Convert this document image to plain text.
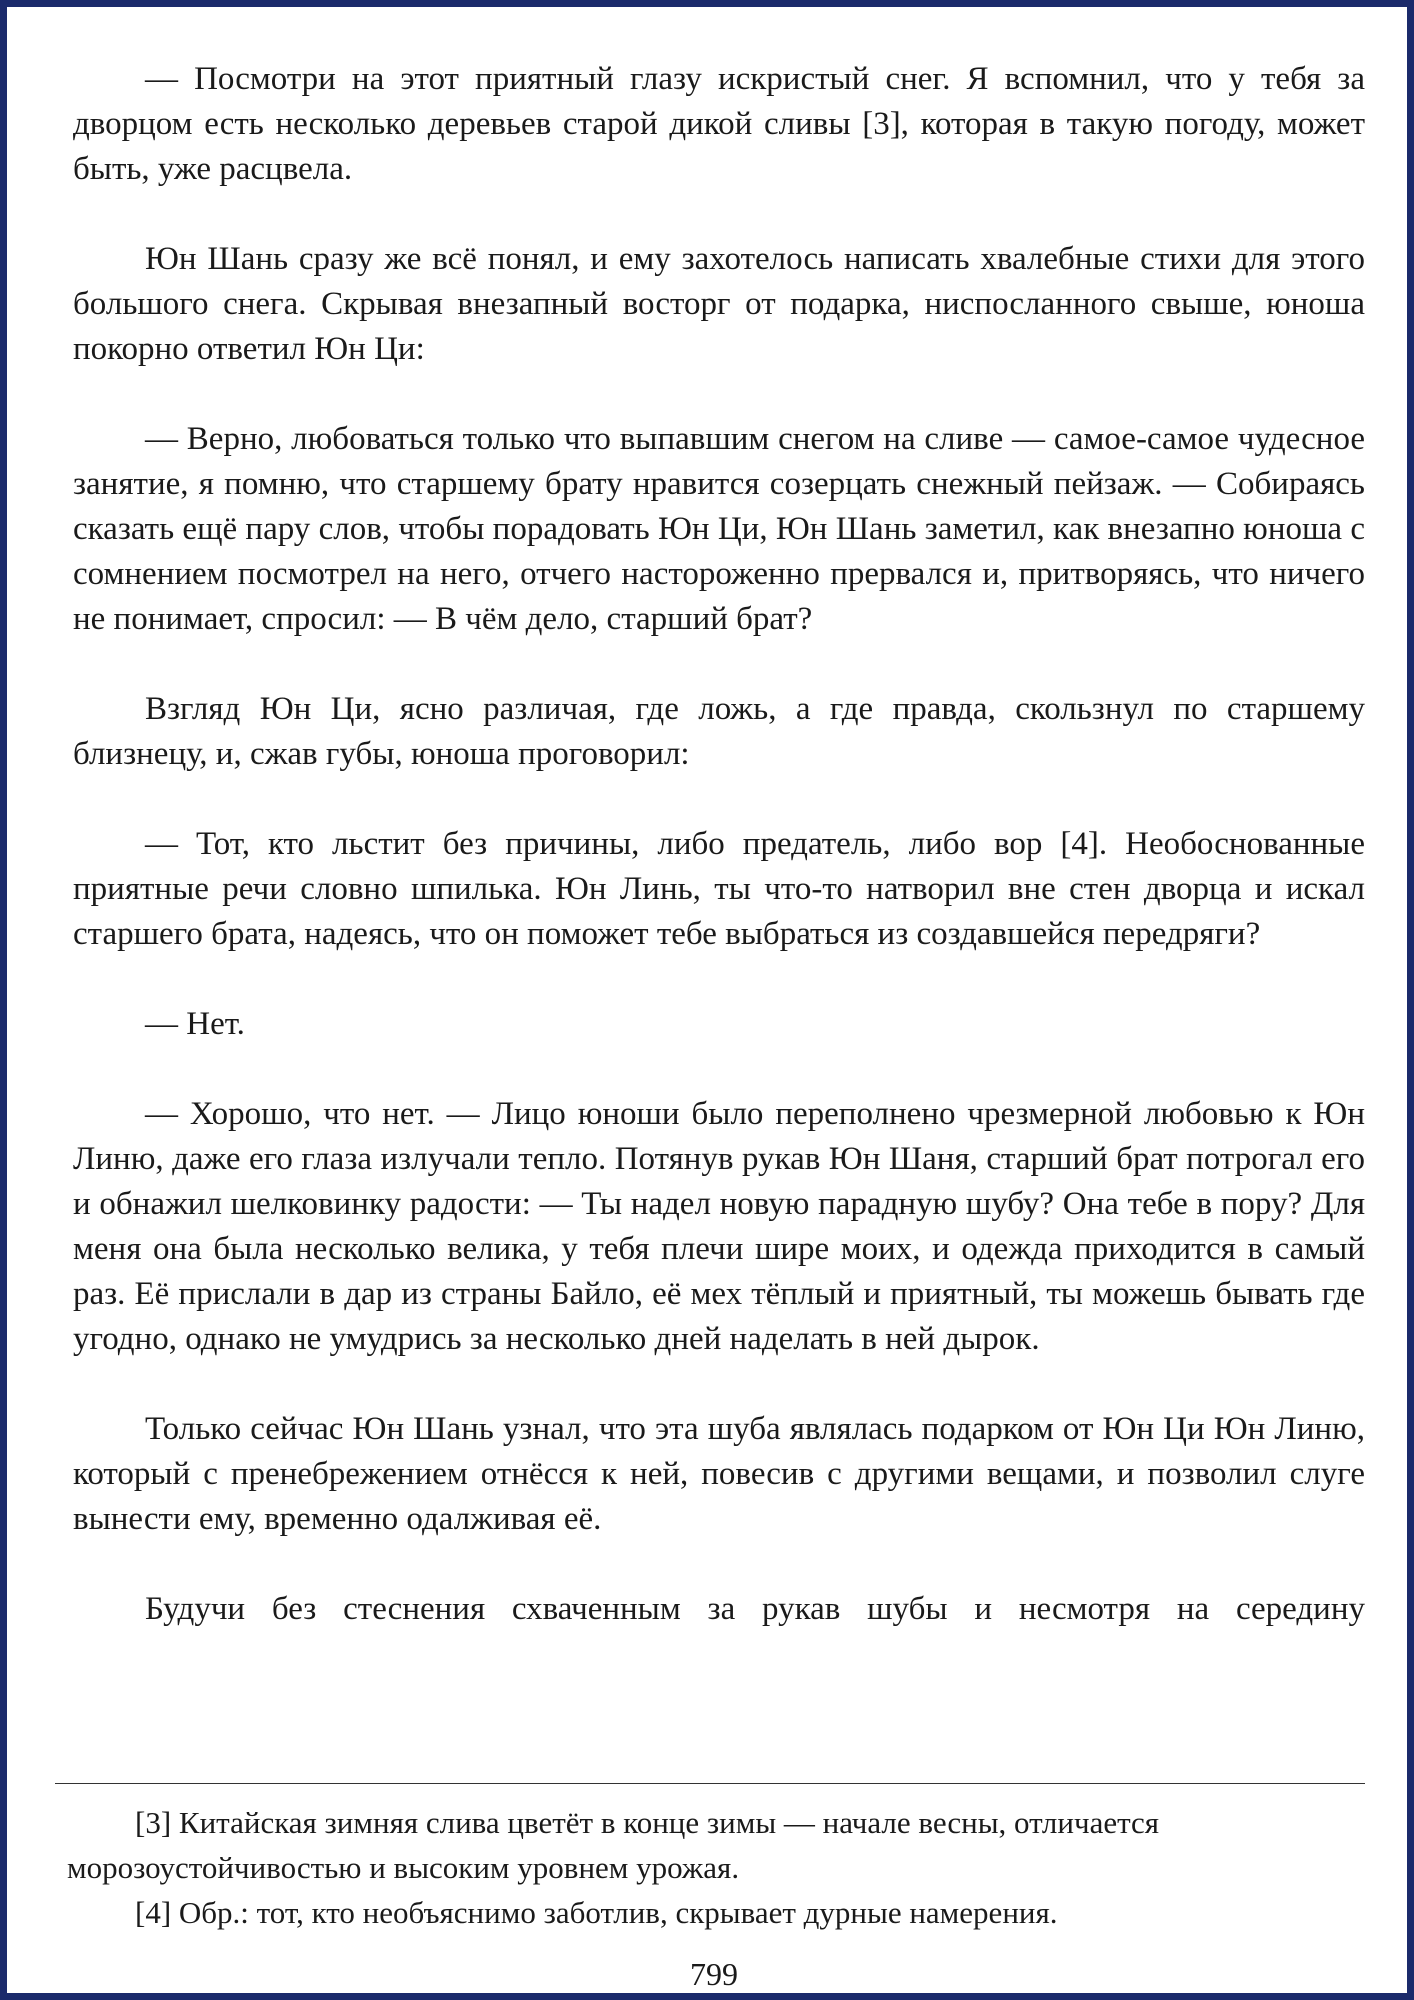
— Посмотри на этот приятный глазу искристый снег. Я вспомнил, что у тебя за дворцом есть несколько деревьев старой дикой сливы [3], которая в такую погоду, может быть, уже расцвела.

Юн Шань сразу же всё понял, и ему захотелось написать хвалебные стихи для этого большого снега. Скрывая внезапный восторг от подарка, ниспосланного свыше, юноша покорно ответил Юн Ци:

— Верно, любоваться только что выпавшим снегом на сливе — самое-самое чудесное занятие, я помню, что старшему брату нравится созерцать снежный пейзаж. — Собираясь сказать ещё пару слов, чтобы порадовать Юн Ци, Юн Шань заметил, как внезапно юноша с сомнением посмотрел на него, отчего настороженно прервался и, притворяясь, что ничего не понимает, спросил: — В чём дело, старший брат?

Взгляд Юн Ци, ясно различая, где ложь, а где правда, скользнул по старшему близнецу, и, сжав губы, юноша проговорил:

— Тот, кто льстит без причины, либо предатель, либо вор [4]. Необоснованные приятные речи словно шпилька. Юн Линь, ты что-то натворил вне стен дворца и искал старшего брата, надеясь, что он поможет тебе выбраться из создавшейся передряги?

— Нет.

— Хорошо, что нет. — Лицо юноши было переполнено чрезмерной любовью к Юн Линю, даже его глаза излучали тепло. Потянув рукав Юн Шаня, старший брат потрогал его и обнажил шелковинку радости: — Ты надел новую парадную шубу? Она тебе в пору? Для меня она была несколько велика, у тебя плечи шире моих, и одежда приходится в самый раз. Её прислали в дар из страны Байло, её мех тёплый и приятный, ты можешь бывать где угодно, однако не умудрись за несколько дней наделать в ней дырок.

Только сейчас Юн Шань узнал, что эта шуба являлась подарком от Юн Ци Юн Линю, который с пренебрежением отнёсся к ней, повесив с другими вещами, и позволил слуге вынести ему, временно одалживая её.

Будучи без стеснения схваченным за рукав шубы и несмотря на середину

[3] Китайская зимняя слива цветёт в конце зимы — начале весны, отличается морозоустойчивостью и высоким уровнем урожая.

[4] Обр.: тот, кто необъяснимо заботлив, скрывает дурные намерения.

799
